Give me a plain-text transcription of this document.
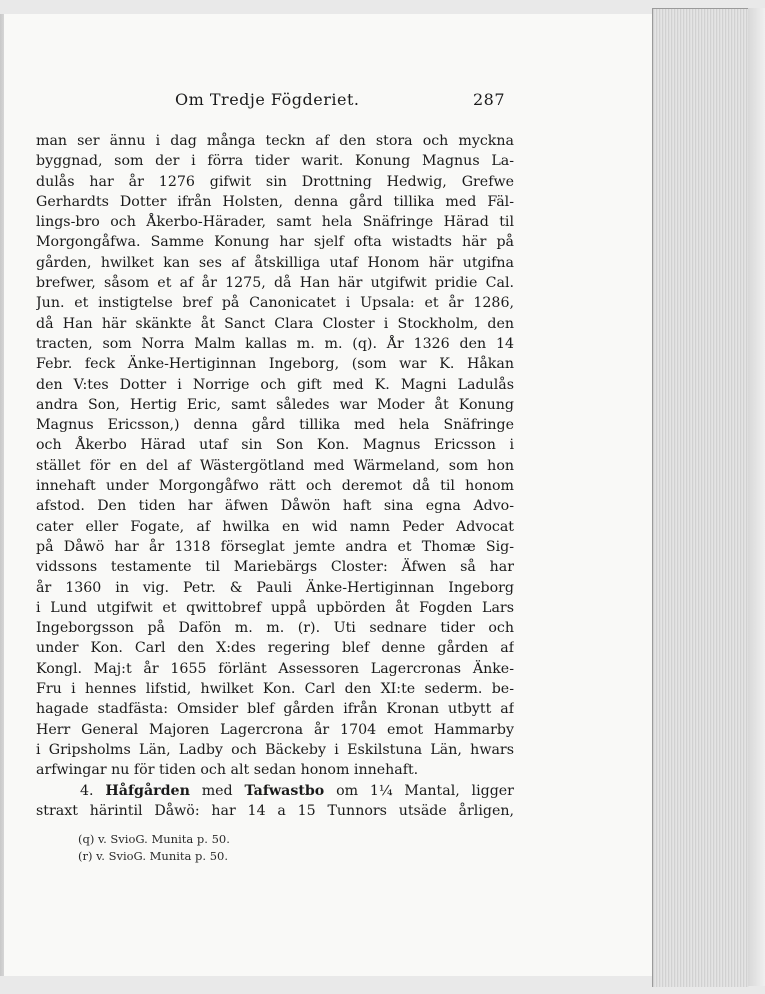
Om Tredje Fögderiet.	287
man ser ännu i dag många teckn af den stora och myckna
byggnad, som der i förra tider warit. Konung Magnus La-
dulås har år 1276 gifwit sin Drottning Hedwig, Grefwe
Gerhardts Dotter ifrån Holsten, denna gård tillika med Fäl-
lings-bro och Åkerbo-Härader, samt hela Snäfringe Härad til
Morgongåfwa. Samme Konung har sjelf ofta wistadts här på
gården, hwilket kan ses af åtskilliga utaf Honom här utgifna
brefwer, såsom et af år 1275, då Han här utgifwit pridie Cal.
Jun. et instigtelse bref på Canonicatet i Upsala: et år 1286,
då Han här skänkte åt Sanct Clara Closter i Stockholm, den
tracten, som Norra Malm kallas m. m. (q). År 1326 den 14
Febr. feck Änke-Hertiginnan Ingeborg, (som war K. Håkan
den V:tes Dotter i Norrige och gift med K. Magni Ladulås
andra Son, Hertig Eric, samt således war Moder åt Konung
Magnus Ericsson,) denna gård tillika med hela Snäfringe
och Åkerbo Härad utaf sin Son Kon. Magnus Ericsson i
stället för en del af Wästergötland med Wärmeland, som hon
innehaft under Morgongåfwo rätt och deremot då til honom
afstod. Den tiden har äfwen Dåwön haft sina egna Advo-
cater eller Fogate, af hwilka en wid namn Peder Advocat
på Dåwö har år 1318 förseglat jemte andra et Thomæ Sig-
vidssons testamente til Mariebärgs Closter: Äfwen så har
år 1360 in vig. Petr. & Pauli Änke-Hertiginnan Ingeborg
i Lund utgifwit et qwittobref uppå upbörden åt Fogden Lars
Ingeborgsson på Dafön m. m. (r). Uti sednare tider och
under Kon. Carl den X:des regering blef denne gården af
Kongl. Maj:t år 1655 förlänt Assessoren Lagercronas Änke-
Fru i hennes lifstid, hwilket Kon. Carl den XI:te sederm. be-
hagade stadfästa: Omsider blef gården ifrån Kronan utbytt af
Herr General Majoren Lagercrona år 1704 emot Hammarby
i Gripsholms Län, Ladby och Bäckeby i Eskilstuna Län, hwars
arfwingar nu för tiden och alt sedan honom innehaft.
4. Håfgården med Tafwastbo om 1¼ Mantal, ligger
straxt härintil Dåwö: har 14 a 15 Tunnors utsäde årligen,
(q) v. SvioG. Munita p. 50.
(r) v. SvioG. Munita p. 50.
